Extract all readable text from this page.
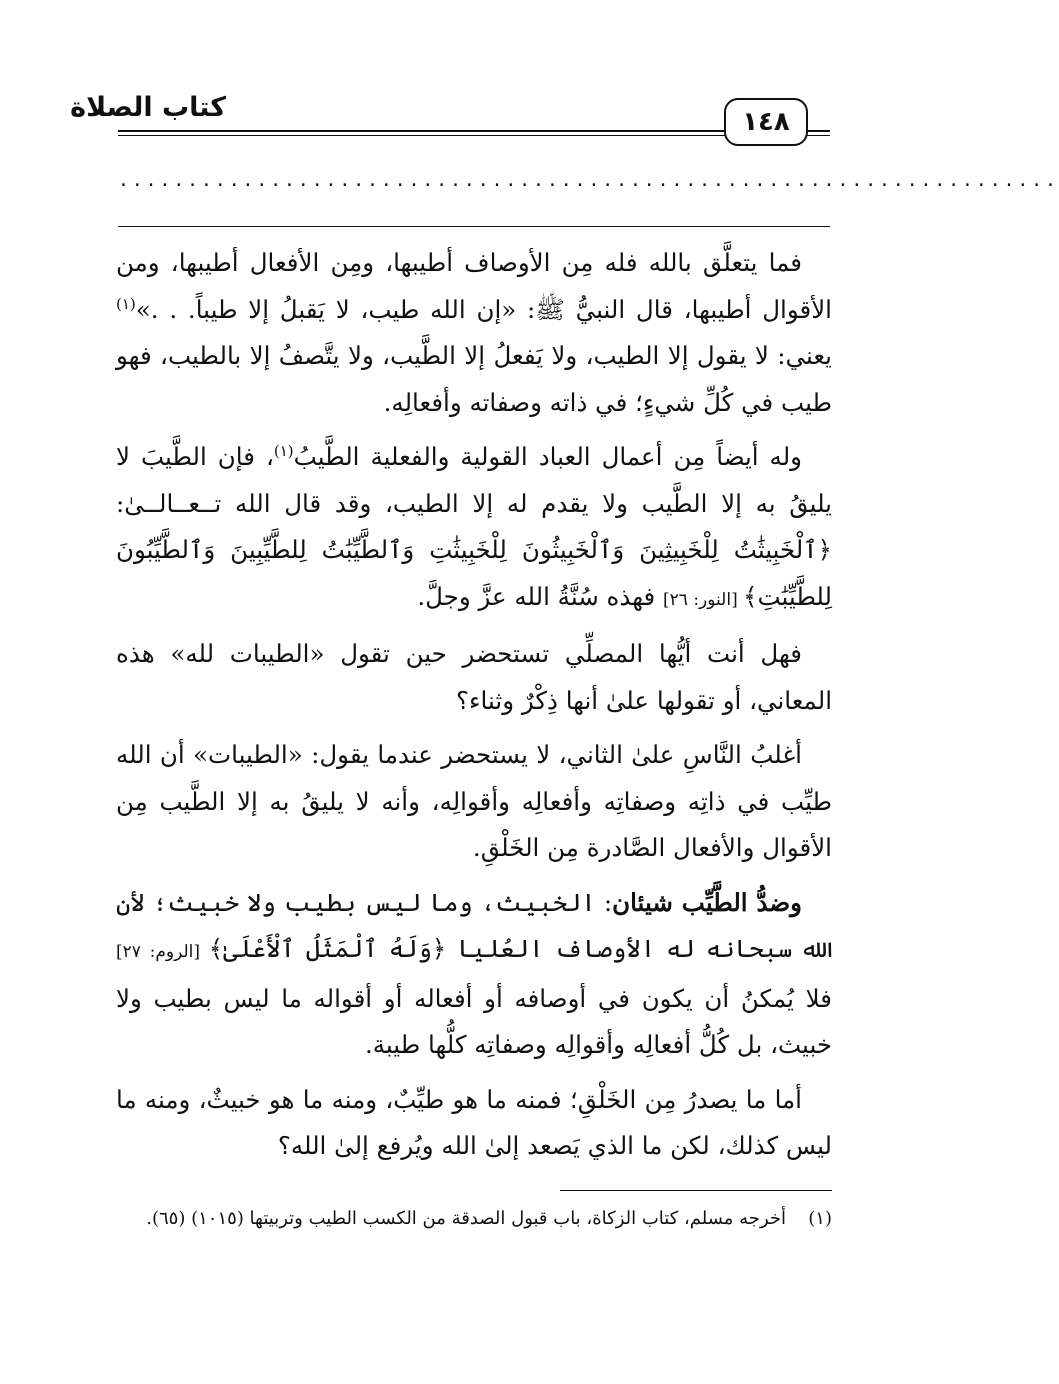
كتاب الصلاة	١٤٨
....................................................................

فما يتعلَّق بالله فله مِن الأوصاف أطيبها، ومِن الأفعال أطيبها، ومن الأقوال أطيبها، قال النبيُّ ﷺ: «إن الله طيب، لا يَقبلُ إلا طيباً. . .»$^{(١)}$ يعني: لا يقول إلا الطيب، ولا يَفعلُ إلا الطَّيب، ولا يتَّصفُ إلا بالطيب، فهو طيب في كُلِّ شيءٍ؛ في ذاته وصفاته وأفعالِه.

وله أيضاً مِن أعمال العباد القولية والفعلية الطَّيبُ$^{(١)}$، فإن الطَّيبَ لا يليقُ به إلا الطَّيب ولا يقدم له إلا الطيب، وقد قال الله تــعــالــىٰ: ﴿ٱلْخَبِيثَٰتُ لِلْخَبِيثِينَ وَٱلْخَبِيثُونَ لِلْخَبِيثَٰتِ وَٱلطَّيِّبَٰتُ لِلطَّيِّبِينَ وَٱلطَّيِّبُونَ لِلطَّيِّبَٰتِ﴾ [النور: ٢٦] فهذه سُنَّةُ الله عزَّ وجلَّ.

فهل أنت أيُّها المصلِّي تستحضر حين تقول «الطيبات لله» هذه المعاني، أو تقولها علىٰ أنها ذِكْرٌ وثناء؟

أغلبُ النَّاسِ علىٰ الثاني، لا يستحضر عندما يقول: «الطيبات» أن الله طيِّب في ذاتِه وصفاتِه وأفعالِه وأقوالِه، وأنه لا يليقُ به إلا الطَّيب مِن الأقوال والأفعال الصَّادرة مِن الخَلْقِ.

وضدُّ الطَّيِّب شيئان: الخبيث، وما ليس بطيب ولا خبيث؛ لأن الله سبحانه له الأوصاف العُليا ﴿وَلَهُ ٱلْمَثَلُ ٱلْأَعْلَىٰ﴾ [الروم: ٢٧] فلا يُمكنُ أن يكون في أوصافه أو أفعاله أو أقواله ما ليس بطيب ولا خبيث، بل كُلُّ أفعالِه وأقوالِه وصفاتِه كلُّها طيبة.

أما ما يصدرُ مِن الخَلْقِ؛ فمنه ما هو طيِّبٌ، ومنه ما هو خبيثٌ، ومنه ما ليس كذلك، لكن ما الذي يَصعد إلىٰ الله ويُرفع إلىٰ الله؟

(١)
أخرجه مسلم، كتاب الزكاة، باب قبول الصدقة من الكسب الطيب وتربيتها (١٠١٥) (٦٥).
